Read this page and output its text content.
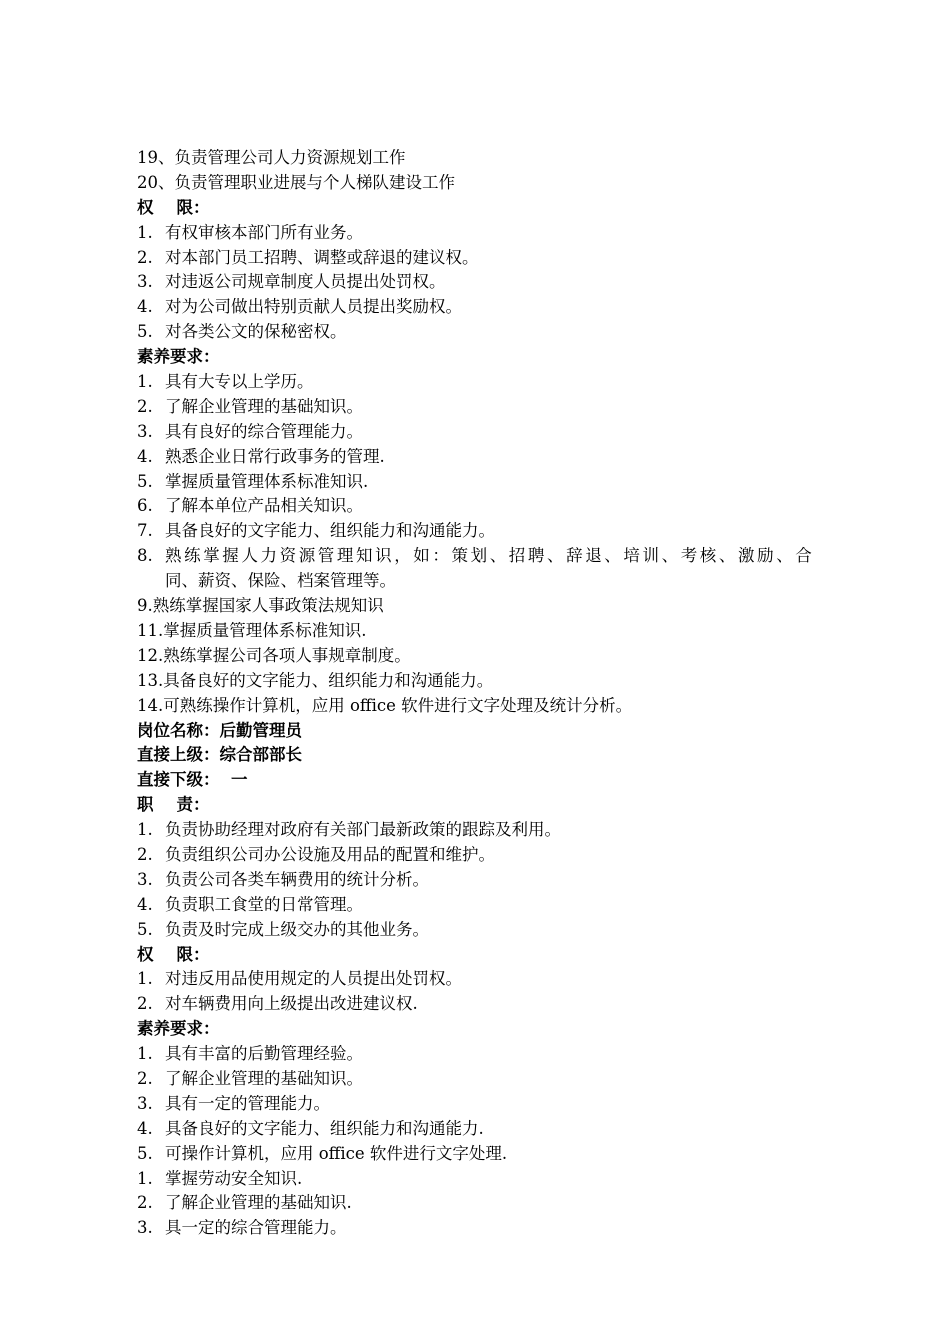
19、负责管理公司人力资源规划工作
20、负责管理职业进展与个人梯队建设工作
权    限：
1. 有权审核本部门所有业务。
2. 对本部门员工招聘、调整或辞退的建议权。
3. 对违返公司规章制度人员提出处罚权。
4. 对为公司做出特别贡献人员提出奖励权。
5. 对各类公文的保秘密权。
素养要求：
1. 具有大专以上学历。
2. 了解企业管理的基础知识。
3. 具有良好的综合管理能力。
4. 熟悉企业日常行政事务的管理.
5. 掌握质量管理体系标准知识.
6. 了解本单位产品相关知识。
7. 具备良好的文字能力、组织能力和沟通能力。
8. 熟练掌握人力资源管理知识，如：策划、招聘、辞退、培训、考核、激励、合
同、薪资、保险、档案管理等。
9. 熟练掌握国家人事政策法规知识
11. 掌握质量管理体系标准知识.
12. 熟练掌握公司各项人事规章制度。
13. 具备良好的文字能力、组织能力和沟通能力。
14. 可熟练操作计算机，应用 office 软件进行文字处理及统计分析。
岗位名称：后勤管理员
直接上级：综合部部长
直接下级：  一
职    责：
1. 负责协助经理对政府有关部门最新政策的跟踪及利用。
2. 负责组织公司办公设施及用品的配置和维护。
3. 负责公司各类车辆费用的统计分析。
4. 负责职工食堂的日常管理。
5. 负责及时完成上级交办的其他业务。
权    限：
1. 对违反用品使用规定的人员提出处罚权。
2. 对车辆费用向上级提出改进建议权.
素养要求：
1. 具有丰富的后勤管理经验。
2. 了解企业管理的基础知识。
3. 具有一定的管理能力。
4. 具备良好的文字能力、组织能力和沟通能力.
5. 可操作计算机，应用 office 软件进行文字处理.
1. 掌握劳动安全知识.
2. 了解企业管理的基础知识.
3. 具一定的综合管理能力。
